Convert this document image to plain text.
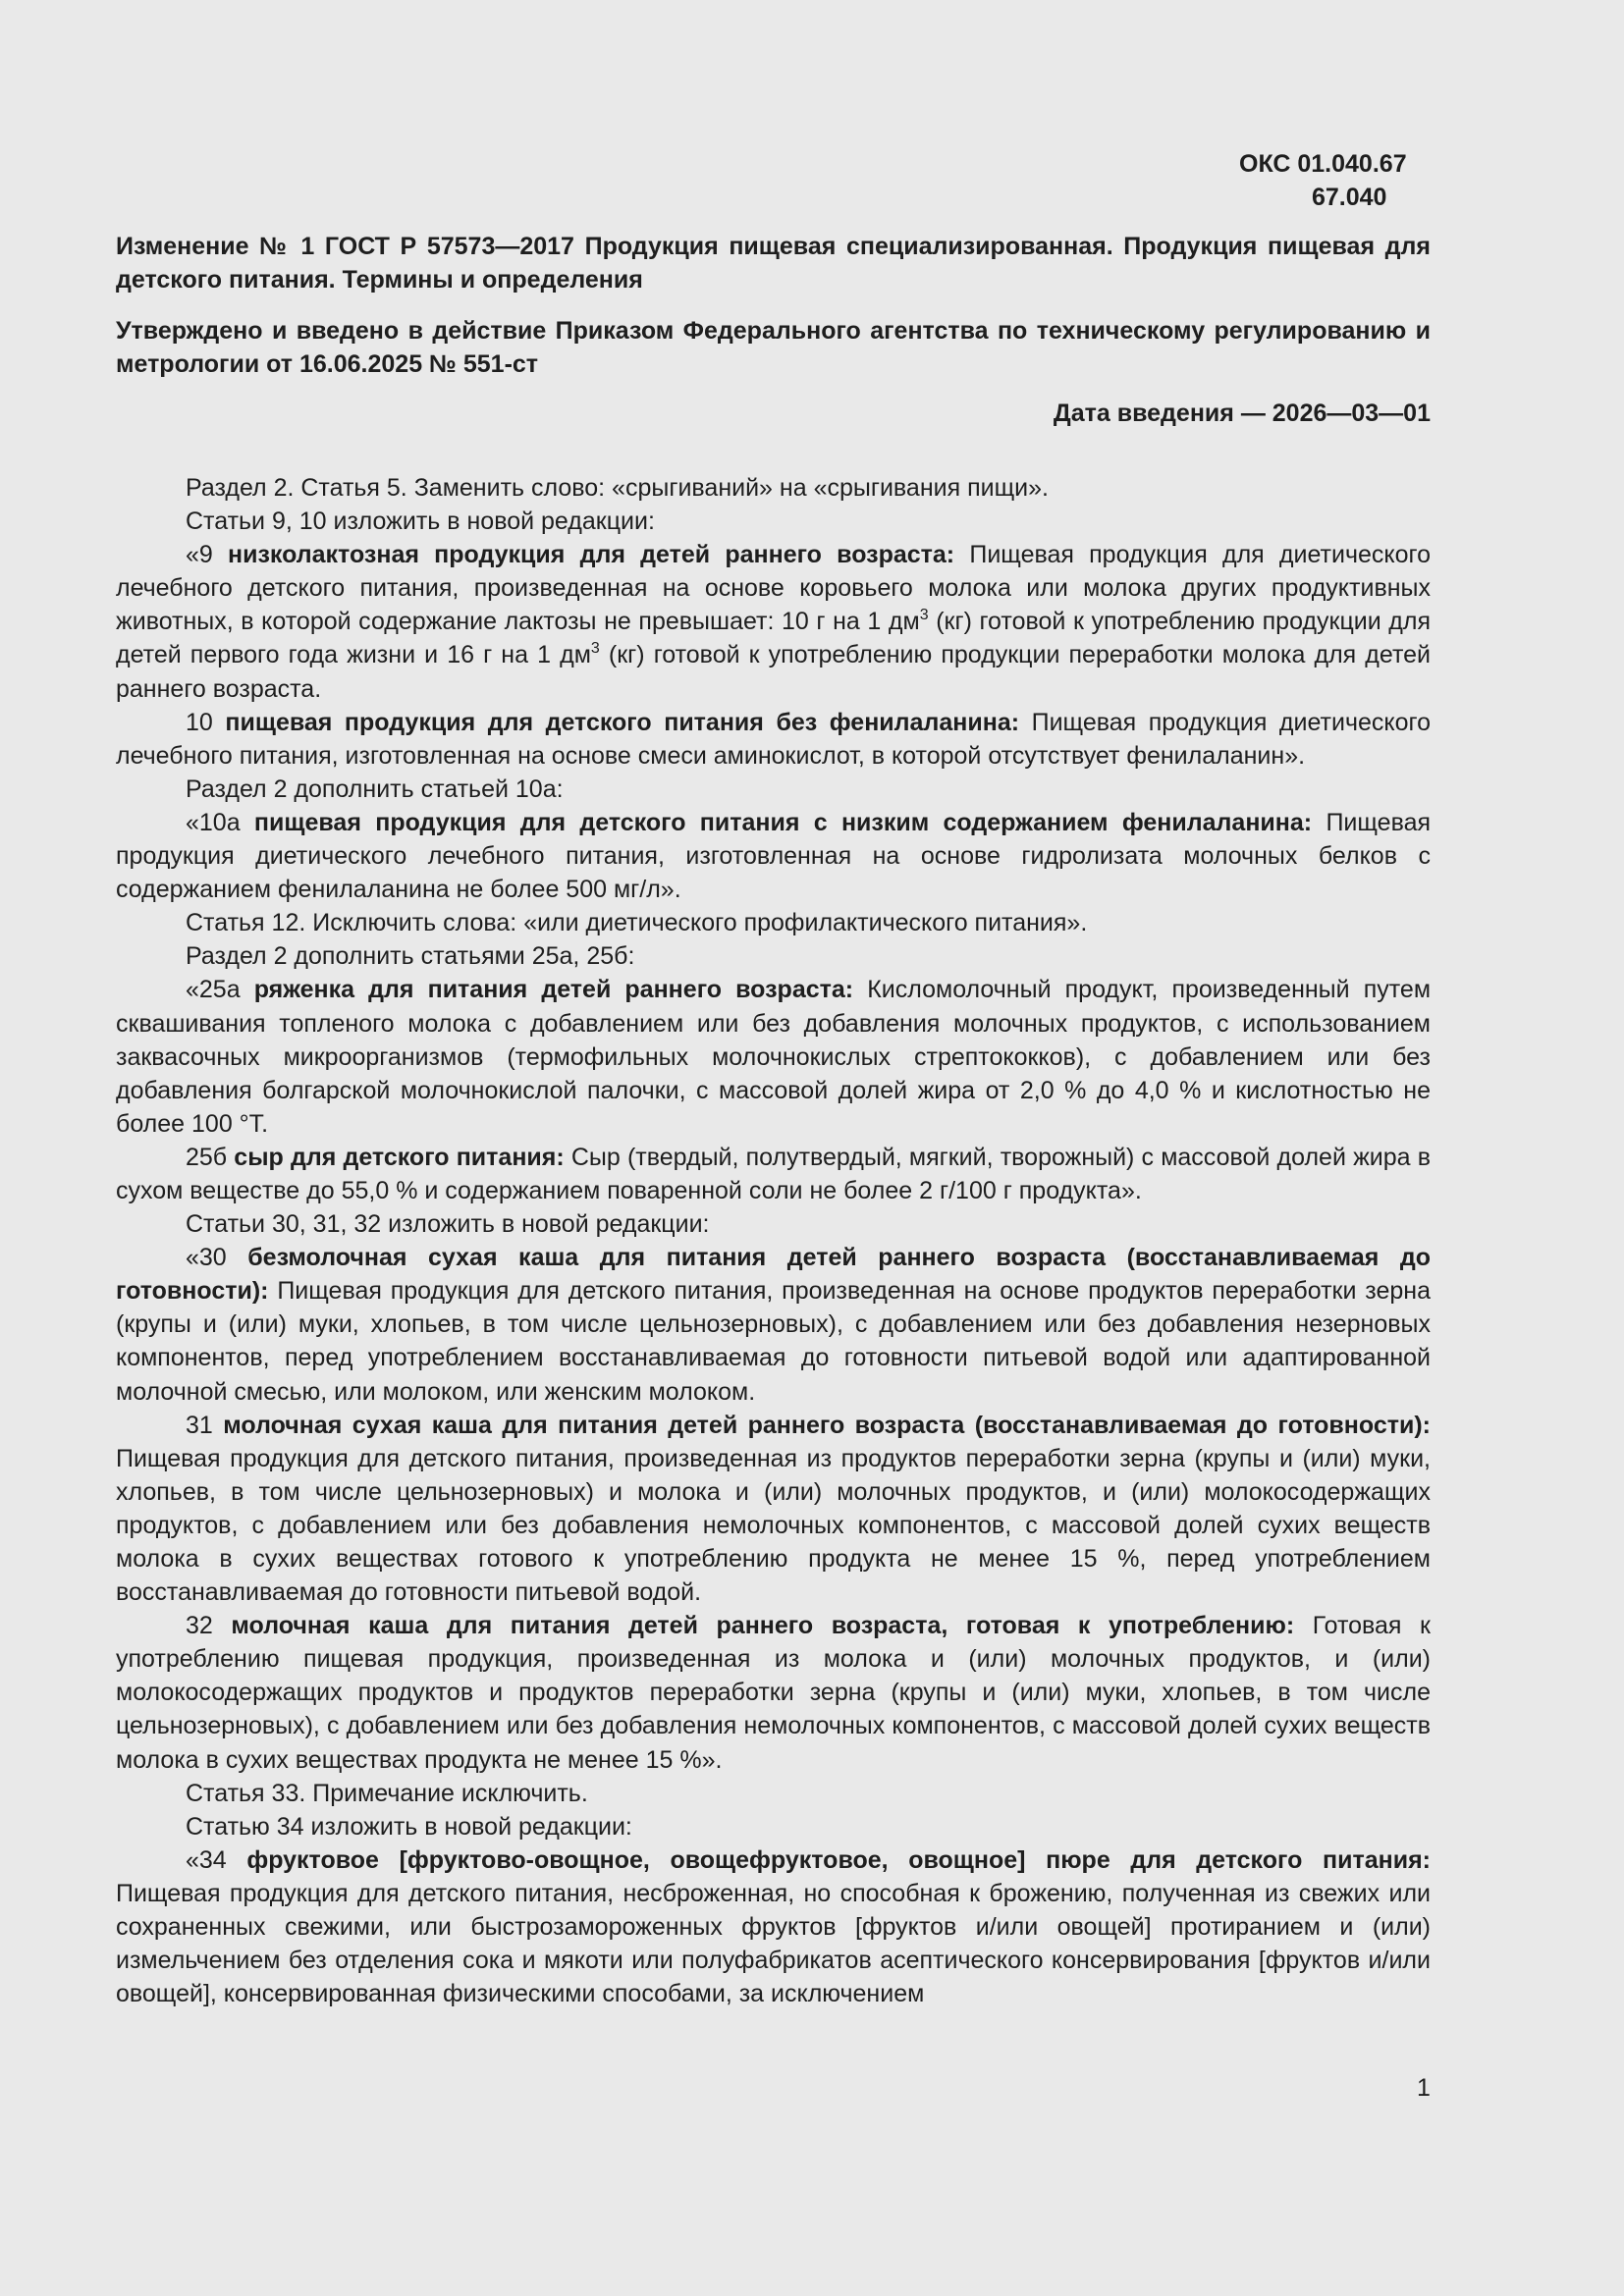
ОКС 01.040.67
67.040

Изменение № 1 ГОСТ Р 57573—2017 Продукция пищевая специализированная. Продукция пищевая для детского питания. Термины и определения

Утверждено и введено в действие Приказом Федерального агентства по техническому регулированию и метрологии от 16.06.2025 № 551-ст

Дата введения — 2026—03—01

Раздел 2. Статья 5. Заменить слово: «срыгиваний» на «срыгивания пищи».

Статьи 9, 10 изложить в новой редакции:

«9 низколактозная продукция для детей раннего возраста: Пищевая продукция для диетического лечебного детского питания, произведенная на основе коровьего молока или молока других продуктивных животных, в которой содержание лактозы не превышает: 10 г на 1 $дм^3$ (кг) готовой к употреблению продукции для детей первого года жизни и 16 г на 1 $дм^3$ (кг) готовой к употреблению продукции переработки молока для детей раннего возраста.

10 пищевая продукция для детского питания без фенилаланина: Пищевая продукция диетического лечебного питания, изготовленная на основе смеси аминокислот, в которой отсутствует фенилаланин».

Раздел 2 дополнить статьей 10а:

«10а пищевая продукция для детского питания с низким содержанием фенилаланина: Пищевая продукция диетического лечебного питания, изготовленная на основе гидролизата молочных белков с содержанием фенилаланина не более 500 мг/л».

Статья 12. Исключить слова: «или диетического профилактического питания».

Раздел 2 дополнить статьями 25а, 25б:

«25а ряженка для питания детей раннего возраста: Кисломолочный продукт, произведенный путем сквашивания топленого молока с добавлением или без добавления молочных продуктов, с использованием заквасочных микроорганизмов (термофильных молочнокислых стрептококков), с добавлением или без добавления болгарской молочнокислой палочки, с массовой долей жира от 2,0 % до 4,0 % и кислотностью не более 100 °Т.

25б сыр для детского питания: Сыр (твердый, полутвердый, мягкий, творожный) с массовой долей жира в сухом веществе до 55,0 % и содержанием поваренной соли не более 2 г/100 г продукта».

Статьи 30, 31, 32 изложить в новой редакции:

«30 безмолочная сухая каша для питания детей раннего возраста (восстанавливаемая до готовности): Пищевая продукция для детского питания, произведенная на основе продуктов переработки зерна (крупы и (или) муки, хлопьев, в том числе цельнозерновых), с добавлением или без добавления незерновых компонентов, перед употреблением восстанавливаемая до готовности питьевой водой или адаптированной молочной смесью, или молоком, или женским молоком.

31 молочная сухая каша для питания детей раннего возраста (восстанавливаемая до готовности): Пищевая продукция для детского питания, произведенная из продуктов переработки зерна (крупы и (или) муки, хлопьев, в том числе цельнозерновых) и молока и (или) молочных продуктов, и (или) молокосодержащих продуктов, с добавлением или без добавления немолочных компонентов, с массовой долей сухих веществ молока в сухих веществах готового к употреблению продукта не менее 15 %, перед употреблением восстанавливаемая до готовности питьевой водой.

32 молочная каша для питания детей раннего возраста, готовая к употреблению: Готовая к употреблению пищевая продукция, произведенная из молока и (или) молочных продуктов, и (или) молокосодержащих продуктов и продуктов переработки зерна (крупы и (или) муки, хлопьев, в том числе цельнозерновых), с добавлением или без добавления немолочных компонентов, с массовой долей сухих веществ молока в сухих веществах продукта не менее 15 %».

Статья 33. Примечание исключить.

Статью 34 изложить в новой редакции:

«34 фруктовое [фруктово-овощное, овощефруктовое, овощное] пюре для детского питания: Пищевая продукция для детского питания, несброженная, но способная к брожению, полученная из свежих или сохраненных свежими, или быстрозамороженных фруктов [фруктов и/или овощей] протиранием и (или) измельчением без отделения сока и мякоти или полуфабрикатов асептического консервирования [фруктов и/или овощей], консервированная физическими способами, за исключением

1
